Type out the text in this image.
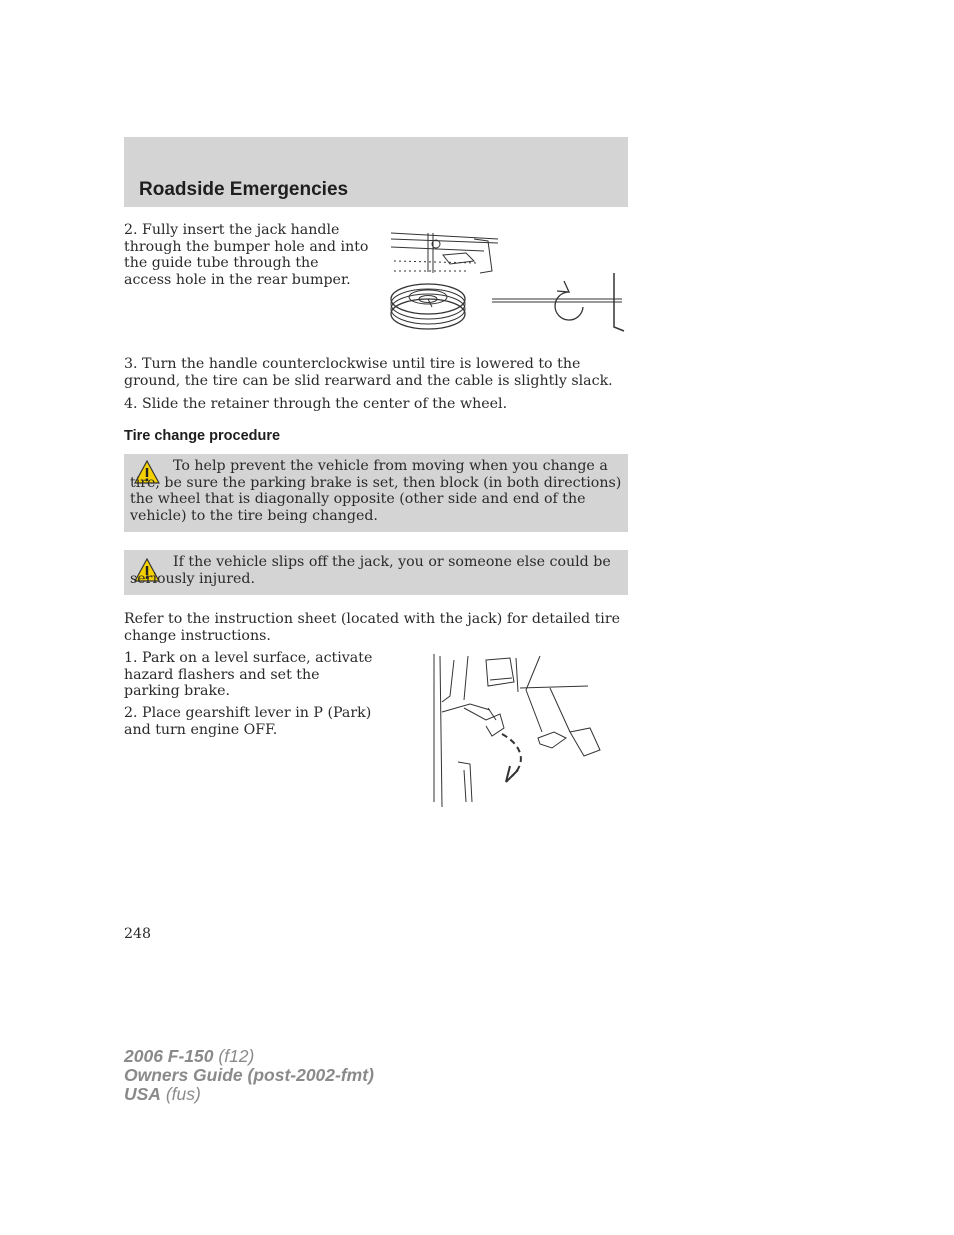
Roadside Emergencies

2. Fully insert the jack handle through the bumper hole and into the guide tube through the access hole in the rear bumper.

3. Turn the handle counterclockwise until tire is lowered to the ground, the tire can be slid rearward and the cable is slightly slack.

4. Slide the retainer through the center of the wheel.

Tire change procedure

To help prevent the vehicle from moving when you change a tire, be sure the parking brake is set, then block (in both directions) the wheel that is diagonally opposite (other side and end of the vehicle) to the tire being changed.

If the vehicle slips off the jack, you or someone else could be seriously injured.

Refer to the instruction sheet (located with the jack) for detailed tire change instructions.

1. Park on a level surface, activate hazard flashers and set the parking brake.

2. Place gearshift lever in P (Park) and turn engine OFF.

248
2006 F-150 (f12)
Owners Guide (post-2002-fmt)
USA (fus)
